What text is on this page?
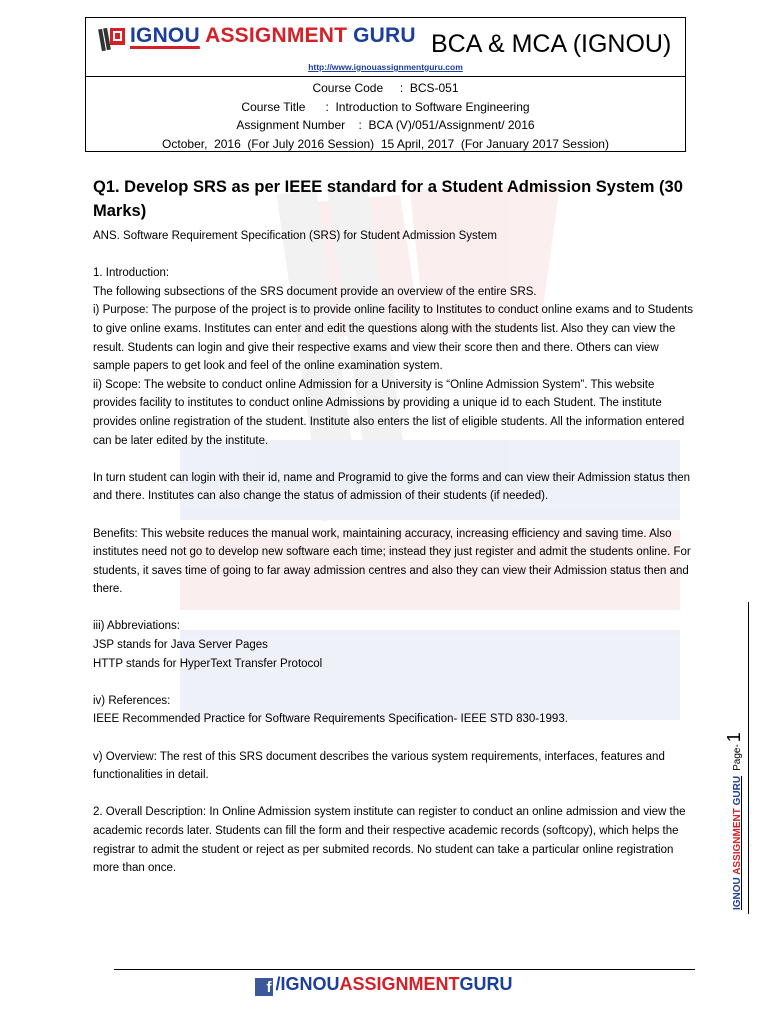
IGNOU ASSIGNMENT GURU BCA & MCA (IGNOU)
http://www.ignouassignmentguru.com
Course Code     :  BCS-051
Course Title      :  Introduction to Software Engineering
Assignment Number    :  BCA (V)/051/Assignment/ 2016
October,  2016  (For July 2016 Session)  15 April, 2017  (For January 2017 Session)
Q1. Develop SRS as per IEEE standard for a Student Admission System (30 Marks)

ANS. Software Requirement Specification (SRS) for Student Admission System

1. Introduction:

The following subsections of the SRS document provide an overview of the entire SRS.

i) Purpose: The purpose of the project is to provide online facility to Institutes to conduct online exams and to Students to give online exams. Institutes can enter and edit the questions along with the students list. Also they can view the result. Students can login and give their respective exams and view their score then and there. Others can view sample papers to get look and feel of the online examination system.

ii) Scope: The website to conduct online Admission for a University is “Online Admission System”. This website provides facility to institutes to conduct online Admissions by providing a unique id to each Student. The institute provides online registration of the student. Institute also enters the list of eligible students. All the information entered can be later edited by the institute.

In turn student can login with their id, name and Programid to give the forms and can view their Admission status then and there. Institutes can also change the status of admission of their students (if needed).

Benefits: This website reduces the manual work, maintaining accuracy, increasing efficiency and saving time. Also institutes need not go to develop new software each time; instead they just register and admit the students online. For students, it saves time of going to far away admission centres and also they can view their Admission status then and there.

iii) Abbreviations:

JSP stands for Java Server Pages

HTTP stands for HyperText Transfer Protocol

iv) References:

IEEE Recommended Practice for Software Requirements Specification- IEEE STD 830-1993.

v) Overview: The rest of this SRS document describes the various system requirements, interfaces, features and functionalities in detail.

2. Overall Description: In Online Admission system institute can register to conduct an online admission and view the academic records later. Students can fill the form and their respective academic records (softcopy), which helps the registrar to admit the student or reject as per submited records. No student can take a particular online registration more than once.

IGNOU ASSIGNMENT GURUPage-1
f /IGNOUASSIGNMENTGURU
